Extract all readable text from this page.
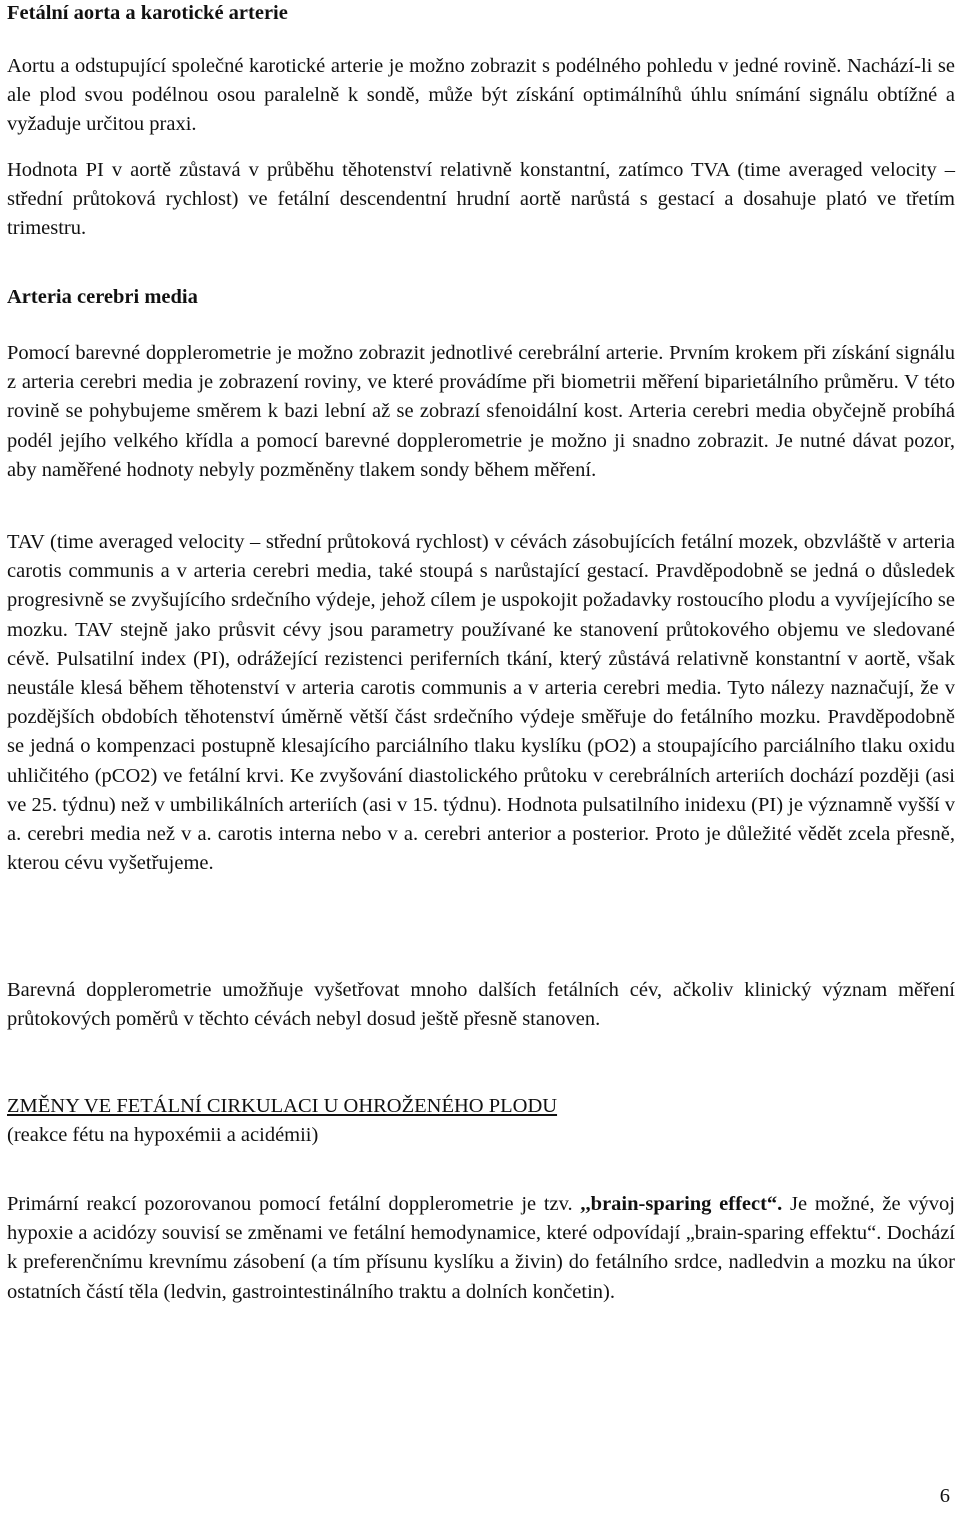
Fetální aorta a karotické arterie

Aortu a odstupující společné karotické arterie je možno zobrazit s podélného pohledu v jedné rovině. Nachází-li se ale plod svou podélnou osou paralelně k sondě, může být získání optimálníhů úhlu snímání signálu obtížné a vyžaduje určitou praxi.

Hodnota PI v aortě zůstavá v průběhu těhotenství relativně konstantní, zatímco TVA (time averaged velocity – střední průtoková rychlost) ve fetální descendentní hrudní aortě narůstá s gestací a dosahuje plató ve třetím trimestru.

Arteria cerebri media

Pomocí barevné dopplerometrie je možno zobrazit jednotlivé cerebrální arterie. Prvním krokem při získání signálu z arteria cerebri media je zobrazení roviny, ve které provádíme při biometrii měření biparietálního průměru. V této rovině se pohybujeme směrem k bazi lební až se zobrazí sfenoidální kost. Arteria cerebri media obyčejně probíhá podél jejího velkého křídla a pomocí barevné dopplerometrie je možno ji snadno zobrazit. Je nutné dávat pozor, aby naměřené hodnoty nebyly pozměněny tlakem sondy během měření.

TAV (time averaged velocity – střední průtoková rychlost) v cévách zásobujících fetální mozek, obzvláště v arteria carotis communis a v arteria cerebri media, také stoupá s narůstající gestací. Pravděpodobně se jedná o důsledek progresivně se zvyšujícího srdečního výdeje, jehož cílem je uspokojit požadavky rostoucího plodu a vyvíjejícího se mozku. TAV stejně jako průsvit cévy jsou parametry používané ke stanovení průtokového objemu ve sledované cévě. Pulsatilní index (PI), odrážející rezistenci periferních tkání, který zůstává relativně konstantní v aortě, však neustále klesá během těhotenství v arteria carotis communis a v arteria cerebri media. Tyto nálezy naznačují, že v pozdějších obdobích těhotenství úměrně větší část srdečního výdeje směřuje do fetálního mozku. Pravděpodobně se jedná o kompenzaci postupně klesajícího parciálního tlaku kyslíku (pO2) a stoupajícího parciálního tlaku oxidu uhličitého (pCO2) ve fetální krvi. Ke zvyšování diastolického průtoku v cerebrálních arteriích dochází později (asi ve 25. týdnu) než v umbilikálních arteriích (asi v 15. týdnu). Hodnota pulsatilního inidexu (PI) je významně vyšší v a. cerebri media než v a. carotis interna nebo v a. cerebri anterior a posterior. Proto je důležité vědět zcela přesně, kterou cévu vyšetřujeme.

Barevná dopplerometrie umožňuje vyšetřovat mnoho dalších fetálních cév, ačkoliv klinický význam měření průtokových poměrů v těchto cévách nebyl dosud ještě přesně stanoven.

ZMĚNY VE FETÁLNÍ CIRKULACI U OHROŽENÉHO PLODU
(reakce fétu na hypoxémii a acidémii)

Primární reakcí pozorovanou pomocí fetální dopplerometrie je tzv. ,,brain-sparing effect“. Je možné, že vývoj hypoxie a acidózy souvisí se změnami ve fetální hemodynamice, které odpovídají „brain-sparing effektu“. Dochází k preferenčnímu krevnímu zásobení (a tím přísunu kyslíku a živin) do fetálního srdce, nadledvin a mozku na úkor ostatních částí těla (ledvin, gastrointestinálního traktu a dolních končetin).

6
